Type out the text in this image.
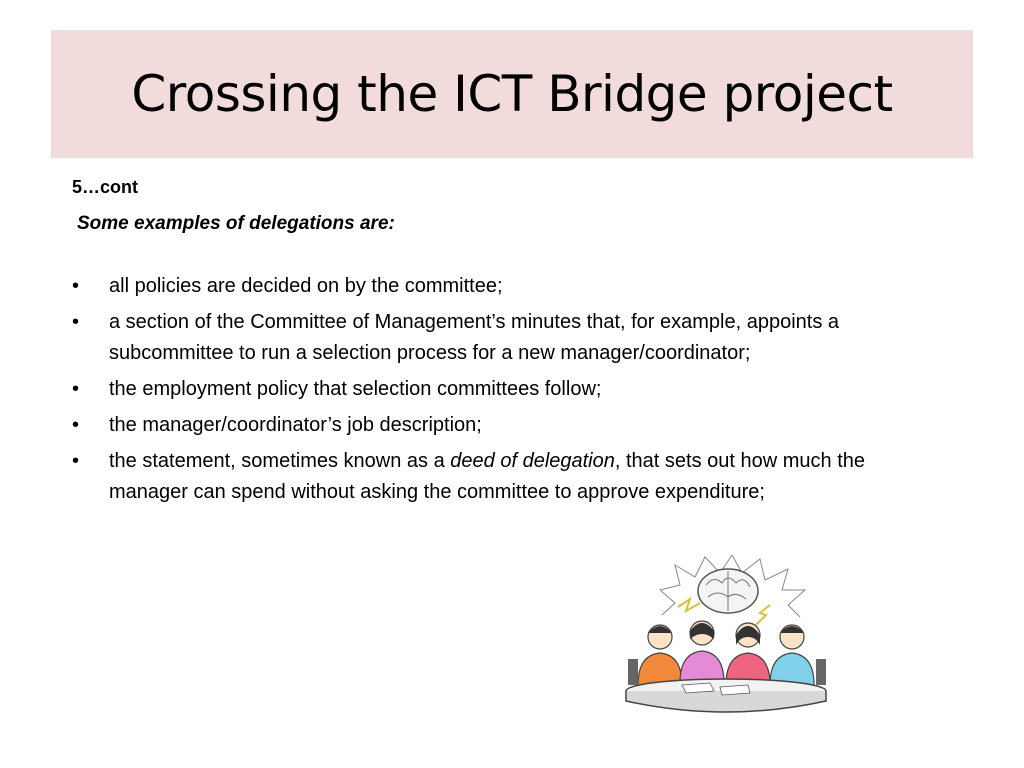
Crossing the ICT Bridge project
5…cont
Some examples of delegations are:
•	all policies are decided on by the committee;
•	a section of the Committee of Management’s minutes that, for example, appoints a subcommittee to run a selection process for a new manager/coordinator;
•	the employment policy that selection committees follow;
•	the manager/coordinator’s job description;
•	the statement, sometimes known as a deed of delegation, that sets out how much the manager can spend without asking the committee to approve expenditure;
